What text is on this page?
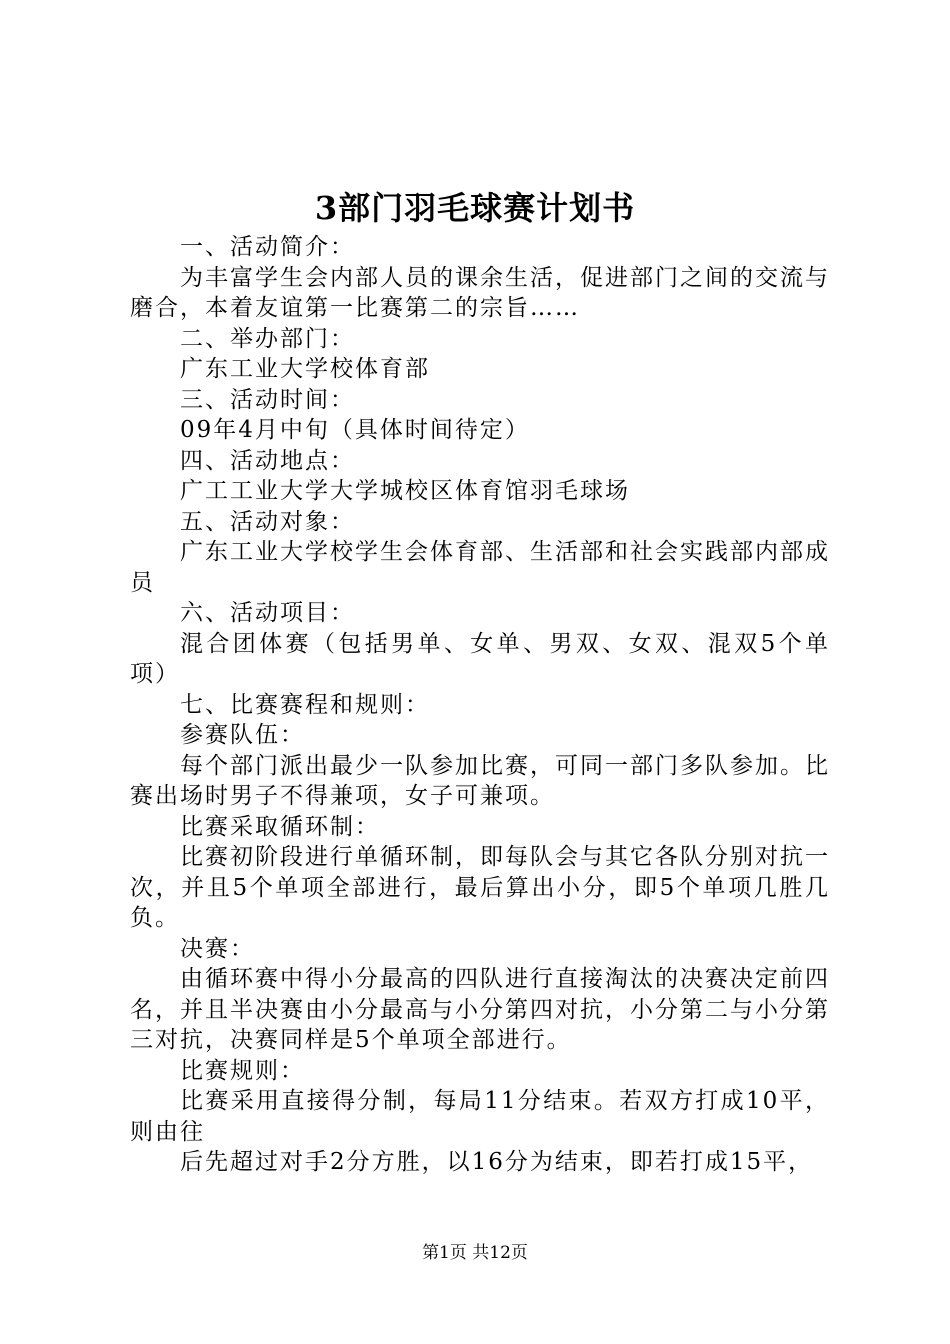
3部门羽毛球赛计划书

一、活动简介：

为丰富学生会内部人员的课余生活，促进部门之间的交流与磨合，本着友谊第一比赛第二的宗旨……

二、举办部门：

广东工业大学校体育部

三、活动时间：

09年4月中旬（具体时间待定）

四、活动地点：

广工工业大学大学城校区体育馆羽毛球场

五、活动对象：

广东工业大学校学生会体育部、生活部和社会实践部内部成员

六、活动项目：

混合团体赛（包括男单、女单、男双、女双、混双5个单项）

七、比赛赛程和规则：

参赛队伍：

每个部门派出最少一队参加比赛，可同一部门多队参加。比赛出场时男子不得兼项，女子可兼项。

比赛采取循环制：

比赛初阶段进行单循环制，即每队会与其它各队分别对抗一次，并且5个单项全部进行，最后算出小分，即5个单项几胜几负。

决赛：

由循环赛中得小分最高的四队进行直接淘汰的决赛决定前四名，并且半决赛由小分最高与小分第四对抗，小分第二与小分第三对抗，决赛同样是5个单项全部进行。

比赛规则：

比赛采用直接得分制，每局11分结束。若双方打成10平，则由往

后先超过对手2分方胜，以16分为结束，即若打成15平，

第1页 共12页
